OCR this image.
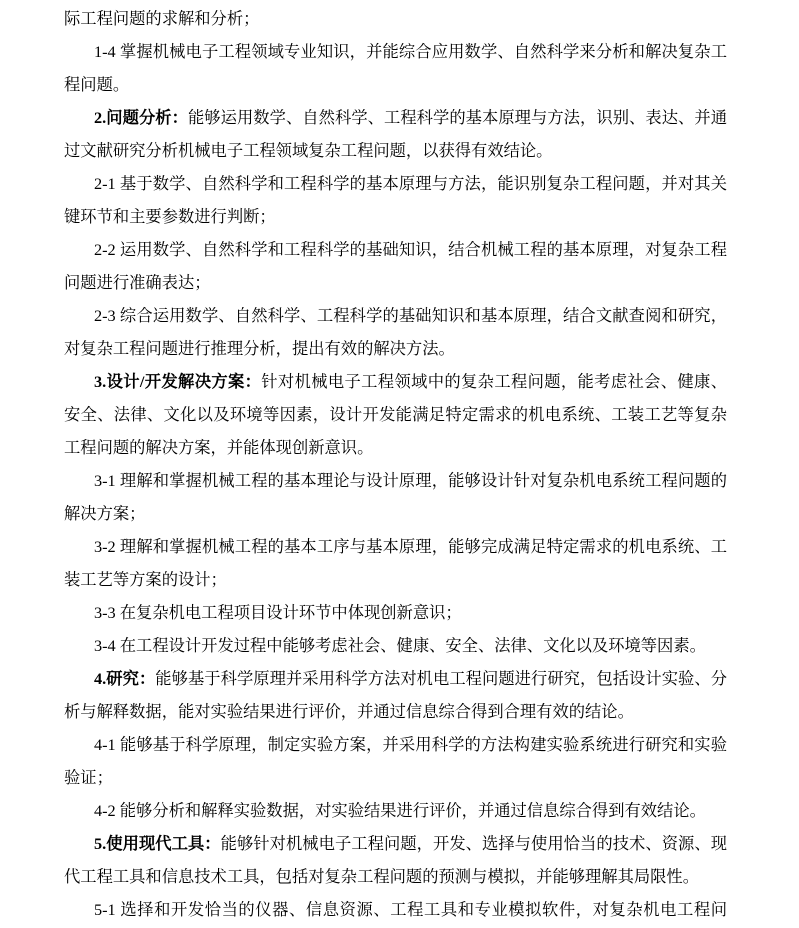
际工程问题的求解和分析；

1-4 掌握机械电子工程领域专业知识，并能综合应用数学、自然科学来分析和解决复杂工程问题。

2.问题分析：能够运用数学、自然科学、工程科学的基本原理与方法，识别、表达、并通过文献研究分析机械电子工程领域复杂工程问题，以获得有效结论。

2-1 基于数学、自然科学和工程科学的基本原理与方法，能识别复杂工程问题，并对其关键环节和主要参数进行判断；

2-2 运用数学、自然科学和工程科学的基础知识，结合机械工程的基本原理，对复杂工程问题进行准确表达；

2-3 综合运用数学、自然科学、工程科学的基础知识和基本原理，结合文献查阅和研究，对复杂工程问题进行推理分析，提出有效的解决方法。

3.设计/开发解决方案：针对机械电子工程领域中的复杂工程问题，能考虑社会、健康、安全、法律、文化以及环境等因素，设计开发能满足特定需求的机电系统、工装工艺等复杂工程问题的解决方案，并能体现创新意识。

3-1 理解和掌握机械工程的基本理论与设计原理，能够设计针对复杂机电系统工程问题的解决方案；

3-2 理解和掌握机械工程的基本工序与基本原理，能够完成满足特定需求的机电系统、工装工艺等方案的设计；

3-3 在复杂机电工程项目设计环节中体现创新意识；

3-4 在工程设计开发过程中能够考虑社会、健康、安全、法律、文化以及环境等因素。

4.研究：能够基于科学原理并采用科学方法对机电工程问题进行研究，包括设计实验、分析与解释数据，能对实验结果进行评价，并通过信息综合得到合理有效的结论。

4-1 能够基于科学原理，制定实验方案，并采用科学的方法构建实验系统进行研究和实验验证；

4-2 能够分析和解释实验数据，对实验结果进行评价，并通过信息综合得到有效结论。

5.使用现代工具：能够针对机械电子工程问题，开发、选择与使用恰当的技术、资源、现代工程工具和信息技术工具，包括对复杂工程问题的预测与模拟，并能够理解其局限性。

5-1 选择和开发恰当的仪器、信息资源、工程工具和专业模拟软件，对复杂机电工程问
